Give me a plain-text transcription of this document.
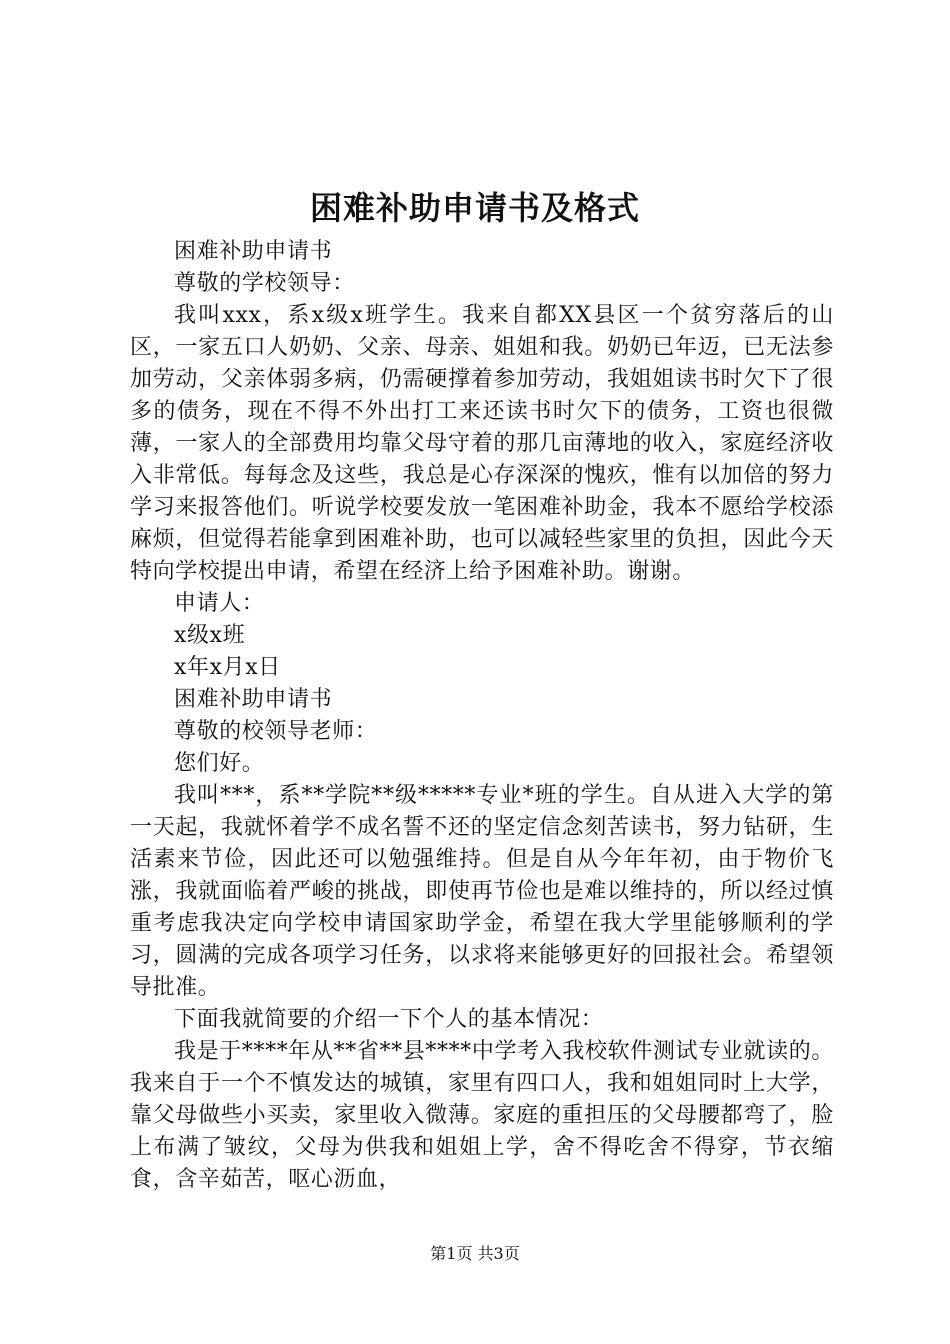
困难补助申请书及格式

困难补助申请书

尊敬的学校领导：

我叫xxx，系x级x班学生。我来自都XX县区一个贫穷落后的山区，一家五口人奶奶、父亲、母亲、姐姐和我。奶奶已年迈，已无法参加劳动，父亲体弱多病，仍需硬撑着参加劳动，我姐姐读书时欠下了很多的债务，现在不得不外出打工来还读书时欠下的债务，工资也很微薄，一家人的全部费用均靠父母守着的那几亩薄地的收入，家庭经济收入非常低。每每念及这些，我总是心存深深的愧疚，惟有以加倍的努力学习来报答他们。听说学校要发放一笔困难补助金，我本不愿给学校添麻烦，但觉得若能拿到困难补助，也可以减轻些家里的负担，因此今天特向学校提出申请，希望在经济上给予困难补助。谢谢。

申请人：

x级x班

x年x月x日

困难补助申请书

尊敬的校领导老师：

您们好。

我叫***，系**学院**级*****专业*班的学生。自从进入大学的第一天起，我就怀着学不成名誓不还的坚定信念刻苦读书，努力钻研，生活素来节俭，因此还可以勉强维持。但是自从今年年初，由于物价飞涨，我就面临着严峻的挑战，即使再节俭也是难以维持的，所以经过慎重考虑我决定向学校申请国家助学金，希望在我大学里能够顺利的学习，圆满的完成各项学习任务，以求将来能够更好的回报社会。希望领导批准。

下面我就简要的介绍一下个人的基本情况：

我是于****年从**省**县****中学考入我校软件测试专业就读的。我来自于一个不慎发达的城镇，家里有四口人，我和姐姐同时上大学，靠父母做些小买卖，家里收入微薄。家庭的重担压的父母腰都弯了，脸上布满了皱纹，父母为供我和姐姐上学，舍不得吃舍不得穿，节衣缩食，含辛茹苦，呕心沥血，

第1页 共3页
